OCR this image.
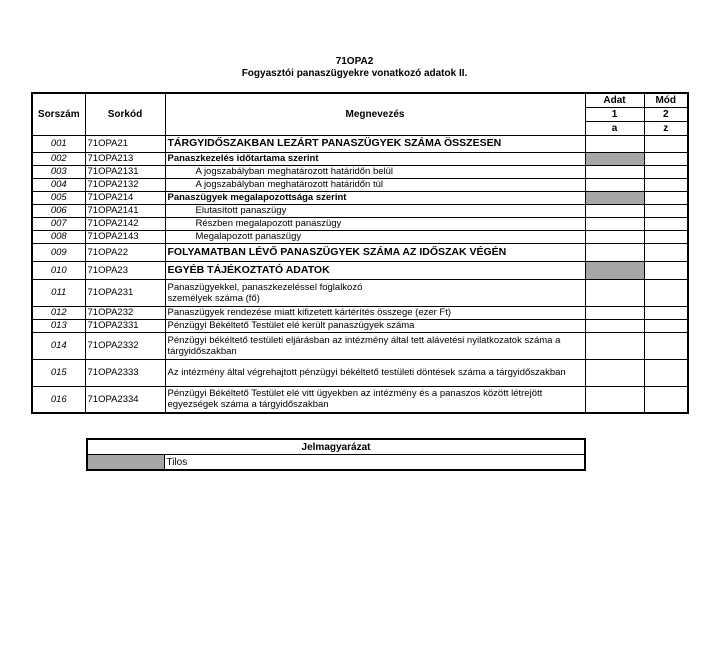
71OPA2
Fogyasztói panaszügyekre vonatkozó adatok II.
Sorszám	Sorkód	Megnevezés	Adat	Mód
			1	2
			a	z
001	71OPA21	TÁRGYIDŐSZAKBAN LEZÁRT PANASZÜGYEK SZÁMA ÖSSZESEN		
002	71OPA213	Panaszkezelés időtartama szerint		
003	71OPA2131	A jogszabályban meghatározott határidőn belül		
004	71OPA2132	A jogszabályban meghatározott határidőn túl		
005	71OPA214	Panaszügyek megalapozottsága szerint		
006	71OPA2141	Elutasított panaszügy		
007	71OPA2142	Részben megalapozott panaszügy		
008	71OPA2143	Megalapozott panaszügy		
009	71OPA22	FOLYAMATBAN LÉVŐ PANASZÜGYEK SZÁMA AZ IDŐSZAK VÉGÉN		
010	71OPA23	EGYÉB TÁJÉKOZTATÓ ADATOK		
011	71OPA231	Panaszügyekkel, panaszkezeléssel foglalkozó személyek száma (fő)		
012	71OPA232	Panaszügyek rendezése miatt kifizetett kártérítés összege (ezer Ft)		
013	71OPA2331	Pénzügyi Békéltető Testület elé került panaszügyek száma		
014	71OPA2332	Pénzügyi békéltető testületi eljárásban az intézmény által tett alávetési nyilatkozatok száma a tárgyidőszakban		
015	71OPA2333	Az intézmény által végrehajtott pénzügyi békéltető testületi döntések száma a tárgyidőszakban		
016	71OPA2334	Pénzügyi Békéltető Testület elé vitt ügyekben az intézmény és a panaszos között létrejött egyezségek száma a tárgyidőszakban		
Jelmagyarázat
	Tilos
